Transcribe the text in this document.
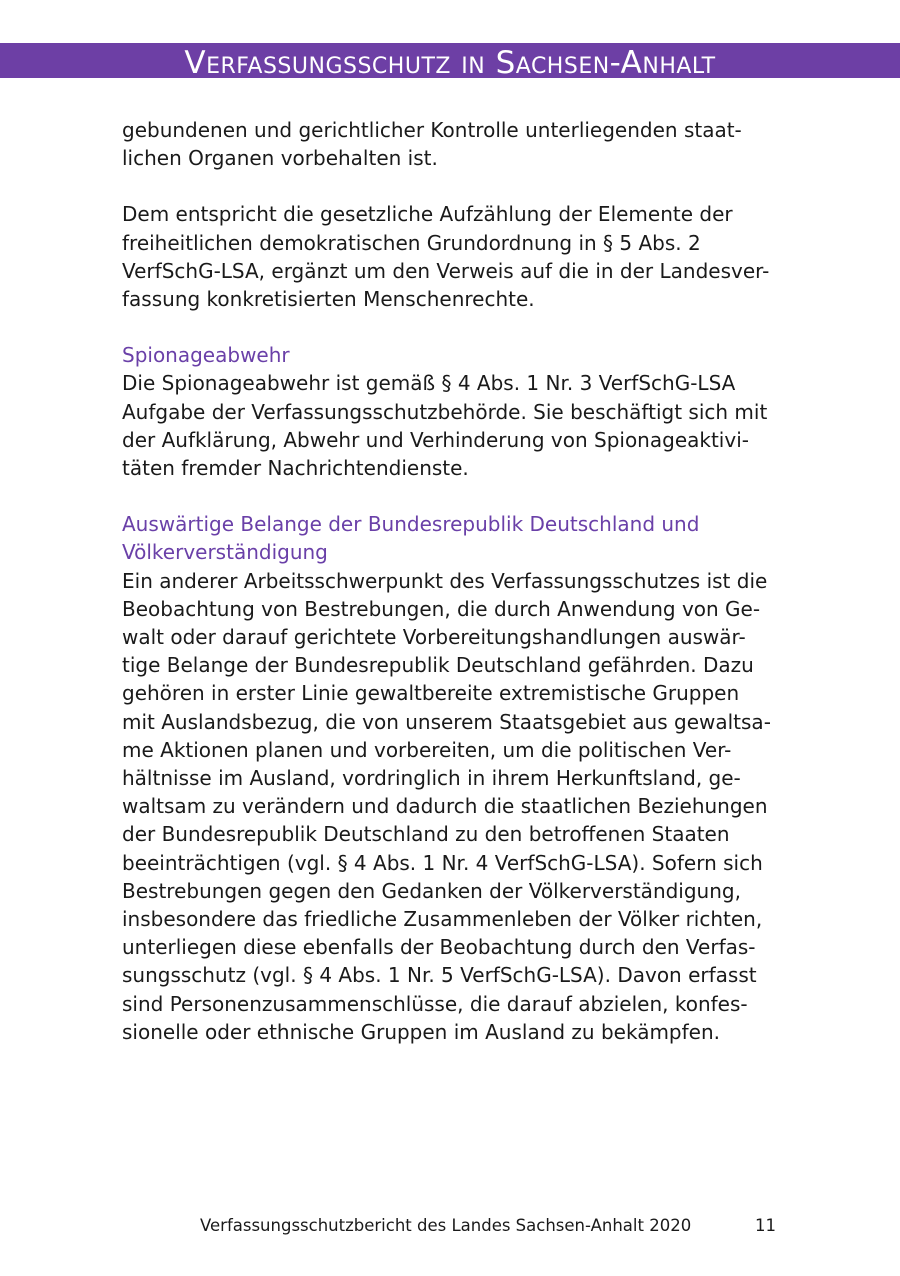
Verfassungsschutz in Sachsen-Anhalt

gebundenen und gerichtlicher Kontrolle unterliegenden staat-
lichen Organen vorbehalten ist.

Dem entspricht die gesetzliche Aufzählung der Elemente der
freiheitlichen demokratischen Grundordnung in § 5 Abs. 2
VerfSchG-LSA, ergänzt um den Verweis auf die in der Landesver-
fassung konkretisierten Menschenrechte.

Spionageabwehr

Die Spionageabwehr ist gemäß § 4 Abs. 1 Nr. 3 VerfSchG-LSA
Aufgabe der Verfassungsschutzbehörde. Sie beschäftigt sich mit
der Aufklärung, Abwehr und Verhinderung von Spionageaktivi-
täten fremder Nachrichtendienste.

Auswärtige Belange der Bundesrepublik Deutschland und
Völkerverständigung

Ein anderer Arbeitsschwerpunkt des Verfassungsschutzes ist die
Beobachtung von Bestrebungen, die durch Anwendung von Ge-
walt oder darauf gerichtete Vorbereitungshandlungen auswär-
tige Belange der Bundesrepublik Deutschland gefährden. Dazu
gehören in erster Linie gewaltbereite extremistische Gruppen
mit Auslandsbezug, die von unserem Staatsgebiet aus gewaltsa-
me Aktionen planen und vorbereiten, um die politischen Ver-
hältnisse im Ausland, vordringlich in ihrem Herkunftsland, ge-
waltsam zu verändern und dadurch die staatlichen Beziehungen
der Bundesrepublik Deutschland zu den betroffenen Staaten
beeinträchtigen (vgl. § 4 Abs. 1 Nr. 4 VerfSchG-LSA). Sofern sich
Bestrebungen gegen den Gedanken der Völkerverständigung,
insbesondere das friedliche Zusammenleben der Völker richten,
unterliegen diese ebenfalls der Beobachtung durch den Verfas-
sungsschutz (vgl. § 4 Abs. 1 Nr. 5 VerfSchG-LSA). Davon erfasst
sind Personenzusammenschlüsse, die darauf abzielen, konfes-
sionelle oder ethnische Gruppen im Ausland zu bekämpfen.

Verfassungsschutzbericht des Landes Sachsen-Anhalt 2020	11
